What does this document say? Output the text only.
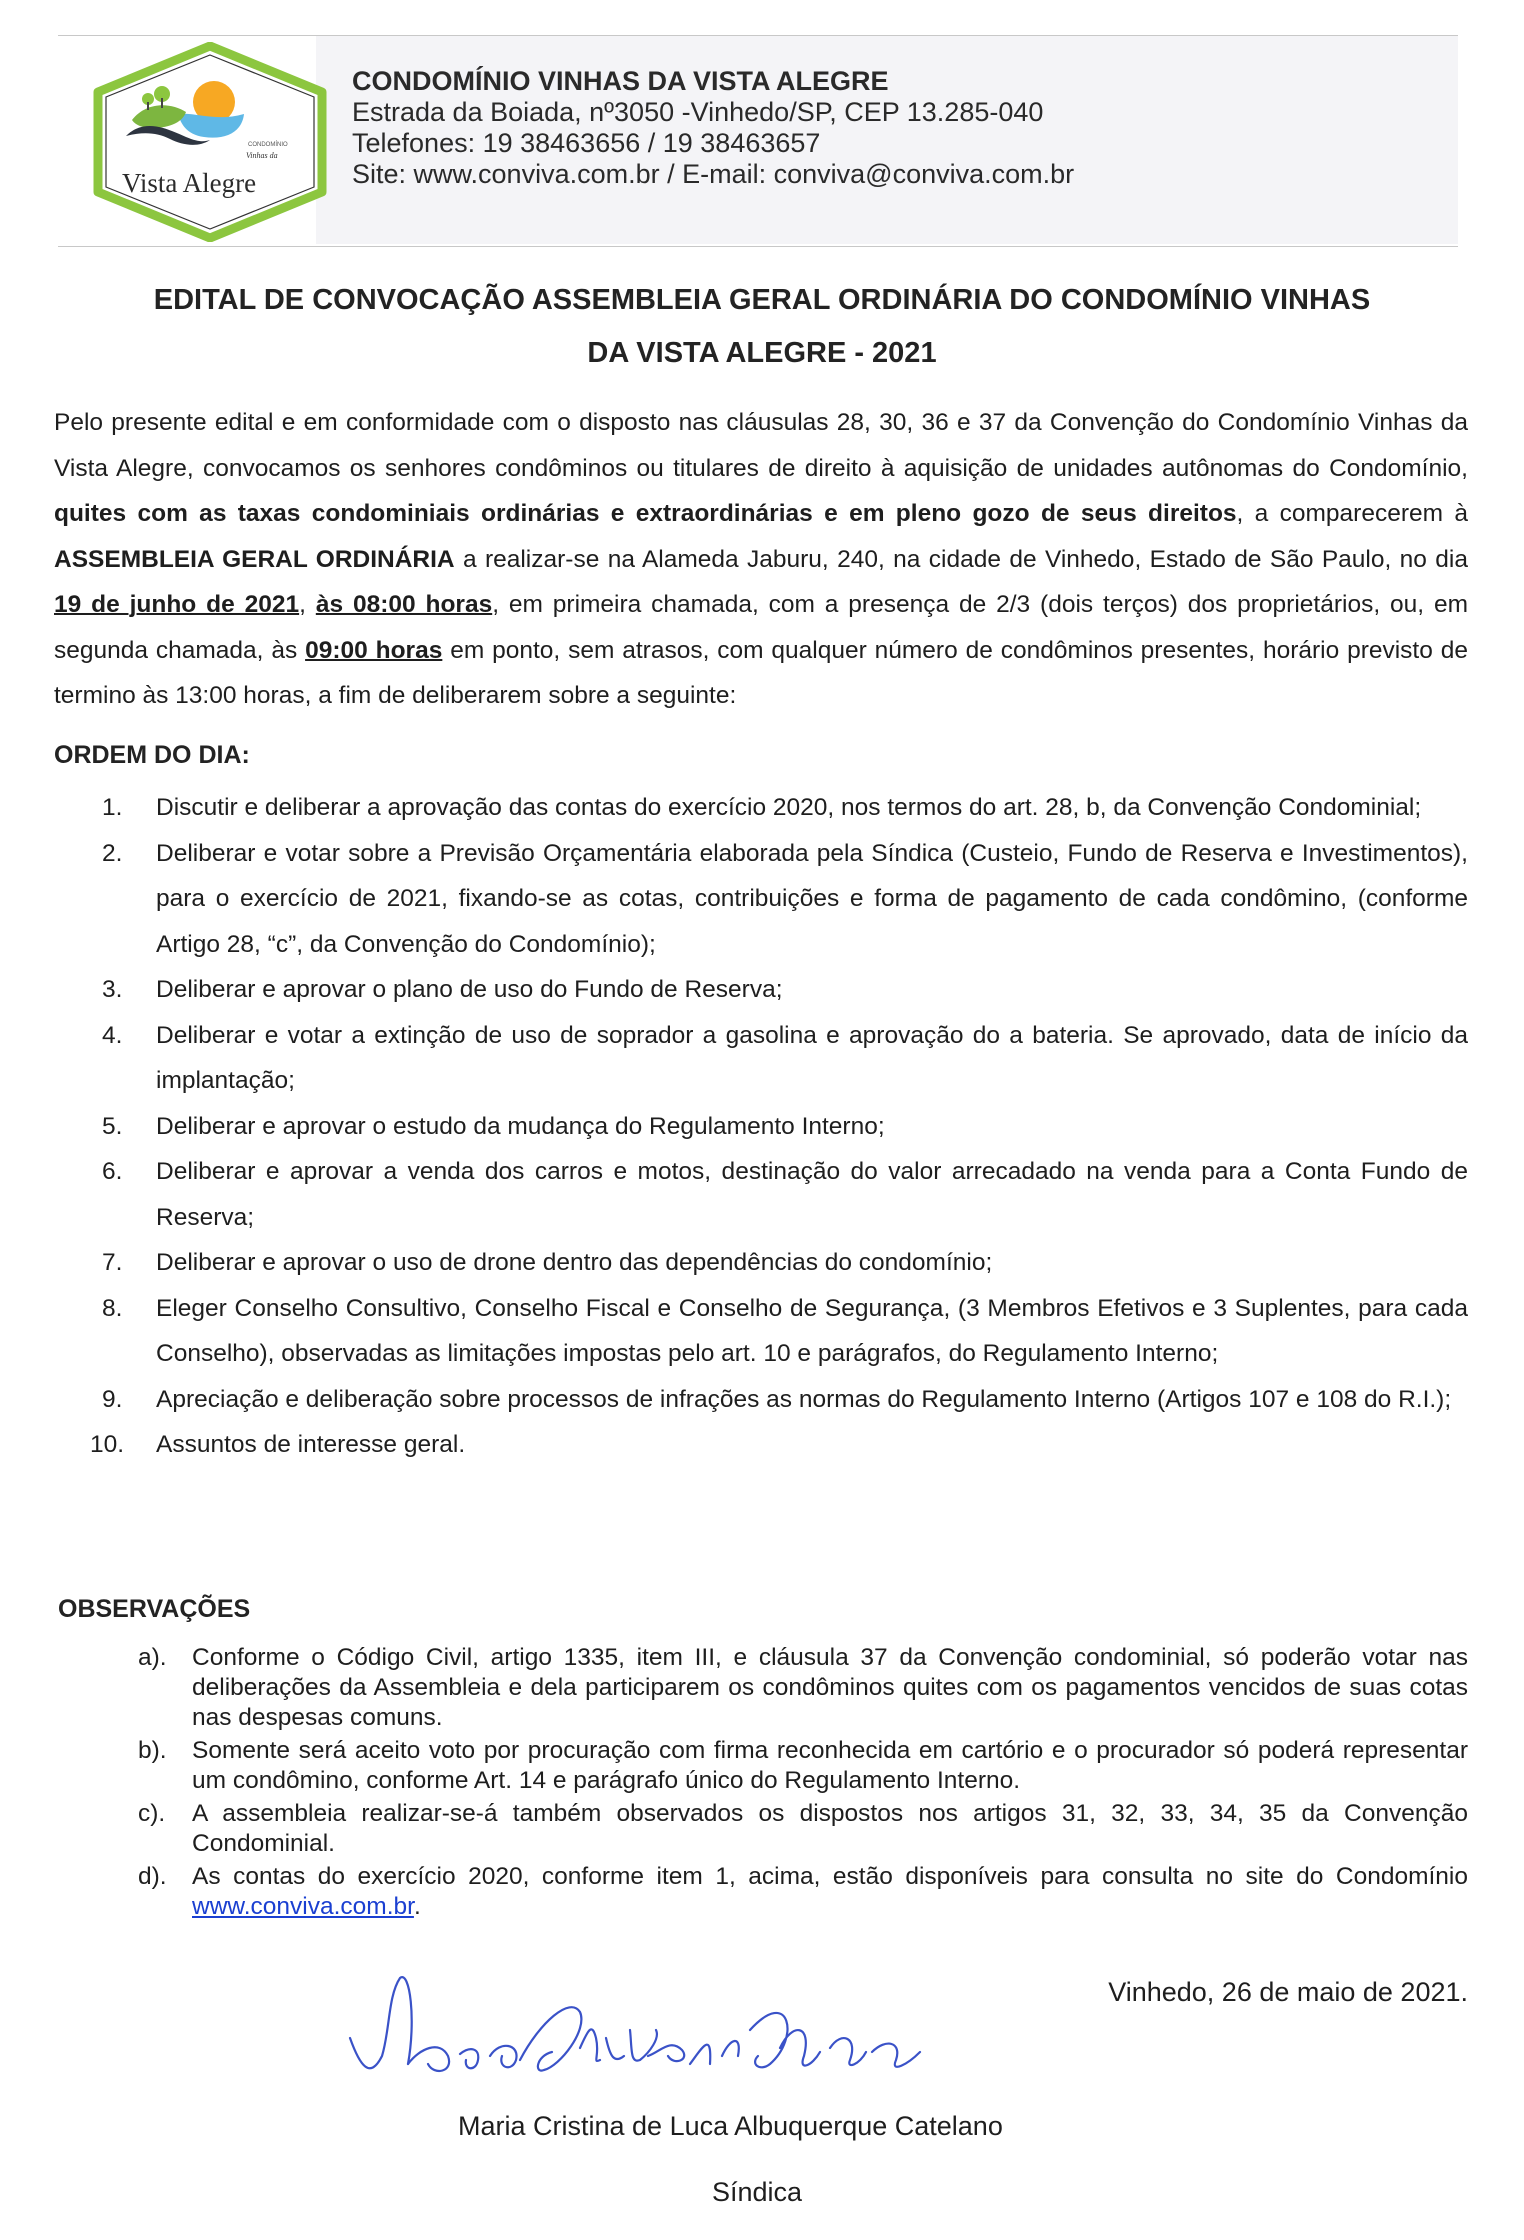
CONDOMÍNIO
Vinhas da
Vista Alegre
CONDOMÍNIO VINHAS DA VISTA ALEGRE
Estrada da Boiada, nº3050 -Vinhedo/SP, CEP 13.285-040
Telefones: 19 38463656 / 19 38463657
Site: www.conviva.com.br / E-mail: conviva@conviva.com.br
EDITAL DE CONVOCAÇÃO ASSEMBLEIA GERAL ORDINÁRIA DO CONDOMÍNIO VINHAS
DA VISTA ALEGRE - 2021
Pelo presente edital e em conformidade com o disposto nas cláusulas 28, 30, 36 e 37 da Convenção do Condomínio Vinhas da Vista Alegre, convocamos os senhores condôminos ou titulares de direito à aquisição de unidades autônomas do Condomínio, quites com as taxas condominiais ordinárias e extraordinárias e em pleno gozo de seus direitos, a comparecerem à ASSEMBLEIA GERAL ORDINÁRIA a realizar-se na Alameda Jaburu, 240, na cidade de Vinhedo, Estado de São Paulo, no dia 19 de junho de 2021, às 08:00 horas, em primeira chamada, com a presença de 2/3 (dois terços) dos proprietários, ou, em segunda chamada, às 09:00 horas em ponto, sem atrasos, com qualquer número de condôminos presentes, horário previsto de termino às 13:00 horas, a fim de deliberarem sobre a seguinte:
ORDEM DO DIA:
1.	Discutir e deliberar a aprovação das contas do exercício 2020, nos termos do art. 28, b, da Convenção Condominial;
2.	Deliberar e votar sobre a Previsão Orçamentária elaborada pela Síndica (Custeio, Fundo de Reserva e Investimentos), para o exercício de 2021, fixando-se as cotas, contribuições e forma de pagamento de cada condômino, (conforme Artigo 28, “c”, da Convenção do Condomínio);
3.	Deliberar e aprovar o plano de uso do Fundo de Reserva;
4.	Deliberar e votar a extinção de uso de soprador a gasolina e aprovação do a bateria. Se aprovado, data de início da implantação;
5.	Deliberar e aprovar o estudo da mudança do Regulamento Interno;
6.	Deliberar e aprovar a venda dos carros e motos, destinação do valor arrecadado na venda para a Conta Fundo de Reserva;
7.	Deliberar e aprovar o uso de drone dentro das dependências do condomínio;
8.	Eleger Conselho Consultivo, Conselho Fiscal e Conselho de Segurança, (3 Membros Efetivos e 3 Suplentes, para cada Conselho), observadas as limitações impostas pelo art. 10 e parágrafos, do Regulamento Interno;
9.	Apreciação e deliberação sobre processos de infrações as normas do Regulamento Interno (Artigos 107 e 108 do R.I.);
10.	Assuntos de interesse geral.
OBSERVAÇÕES
a). Conforme o Código Civil, artigo 1335, item III, e cláusula 37 da Convenção condominial, só poderão votar nas deliberações da Assembleia e dela participarem os condôminos quites com os pagamentos vencidos de suas cotas nas despesas comuns.
b). Somente será aceito voto por procuração com firma reconhecida em cartório e o procurador só poderá representar um condômino, conforme Art. 14 e parágrafo único do Regulamento Interno.
c). A assembleia realizar-se-á também observados os dispostos nos artigos 31, 32, 33, 34, 35 da Convenção Condominial.
d). As contas do exercício 2020, conforme item 1, acima, estão disponíveis para consulta no site do Condomínio www.conviva.com.br.
Vinhedo, 26 de maio de 2021.
Maria Cristina de Luca Albuquerque Catelano
Síndica
